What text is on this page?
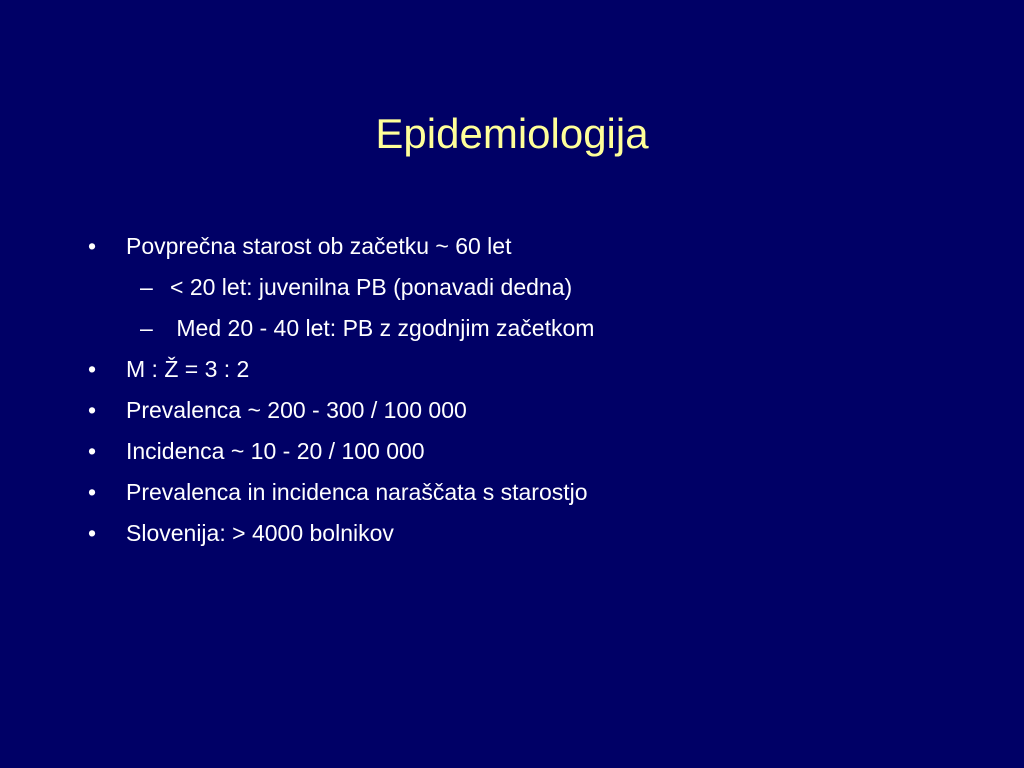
Epidemiologija
• Povprečna starost ob začetku ~ 60 let
– < 20 let: juvenilna PB (ponavadi dedna)
– Med 20 - 40 let: PB z zgodnjim začetkom
• M : Ž = 3 : 2
• Prevalenca ~ 200 - 300 / 100 000
• Incidenca ~ 10 - 20 / 100 000
• Prevalenca in incidenca naraščata s starostjo
• Slovenija: > 4000 bolnikov
